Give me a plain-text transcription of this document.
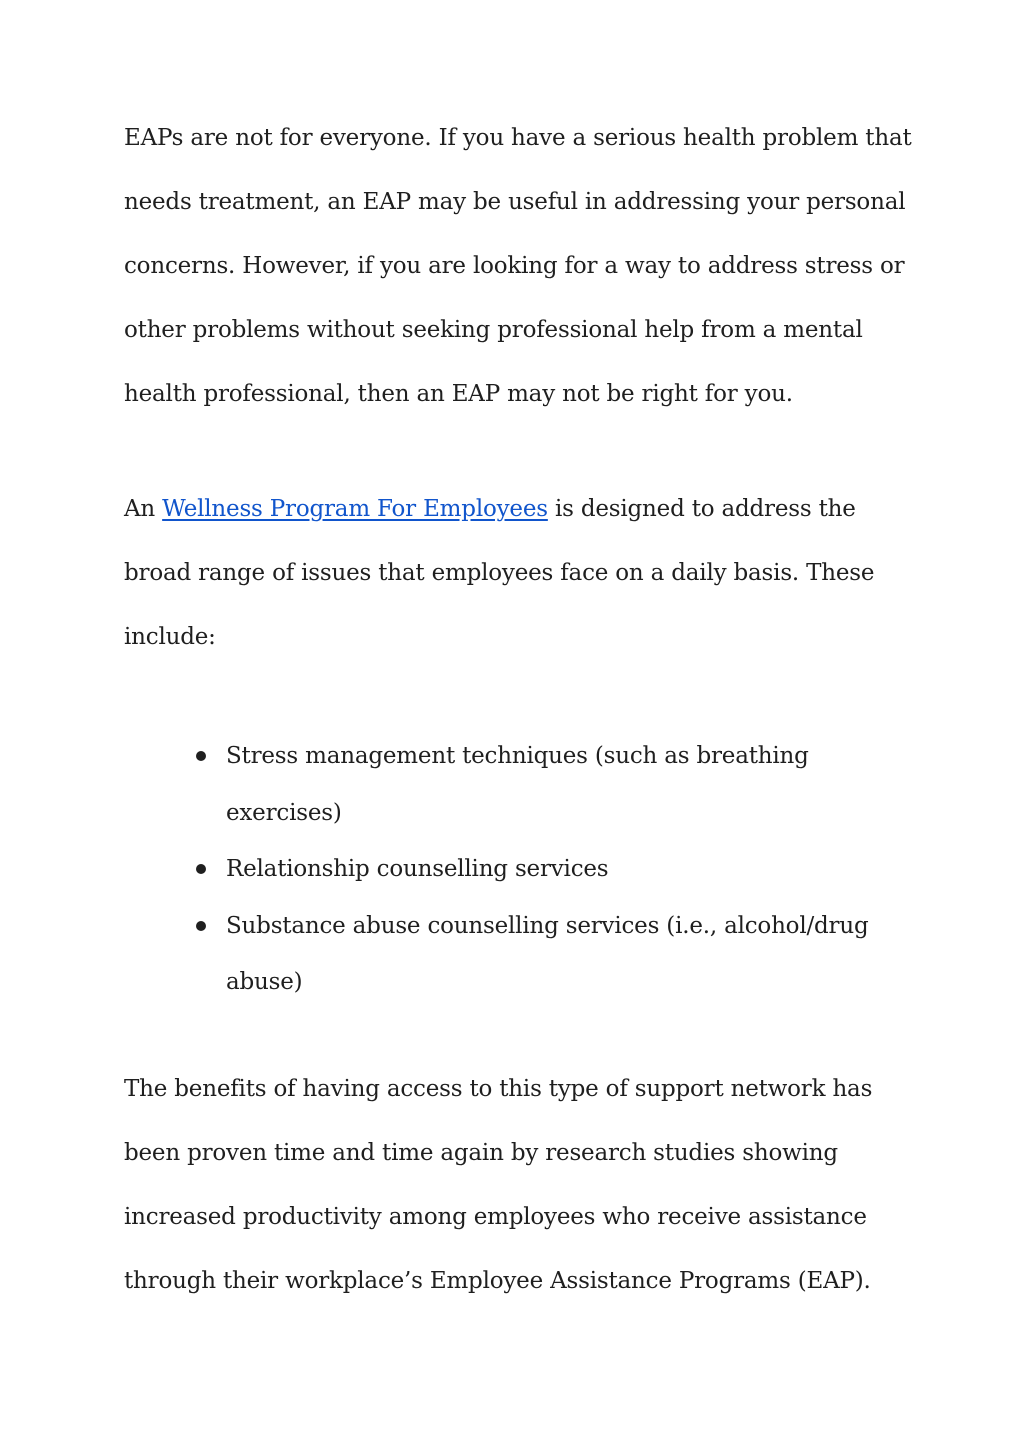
EAPs are not for everyone. If you have a serious health problem that
needs treatment, an EAP may be useful in addressing your personal
concerns. However, if you are looking for a way to address stress or
other problems without seeking professional help from a mental
health professional, then an EAP may not be right for you.

An Wellness Program For Employees is designed to address the
broad range of issues that employees face on a daily basis. These
include:

Stress management techniques (such as breathing
exercises)
Relationship counselling services
Substance abuse counselling services (i.e., alcohol/drug
abuse)

The benefits of having access to this type of support network has
been proven time and time again by research studies showing
increased productivity among employees who receive assistance
through their workplace’s Employee Assistance Programs (EAP).
